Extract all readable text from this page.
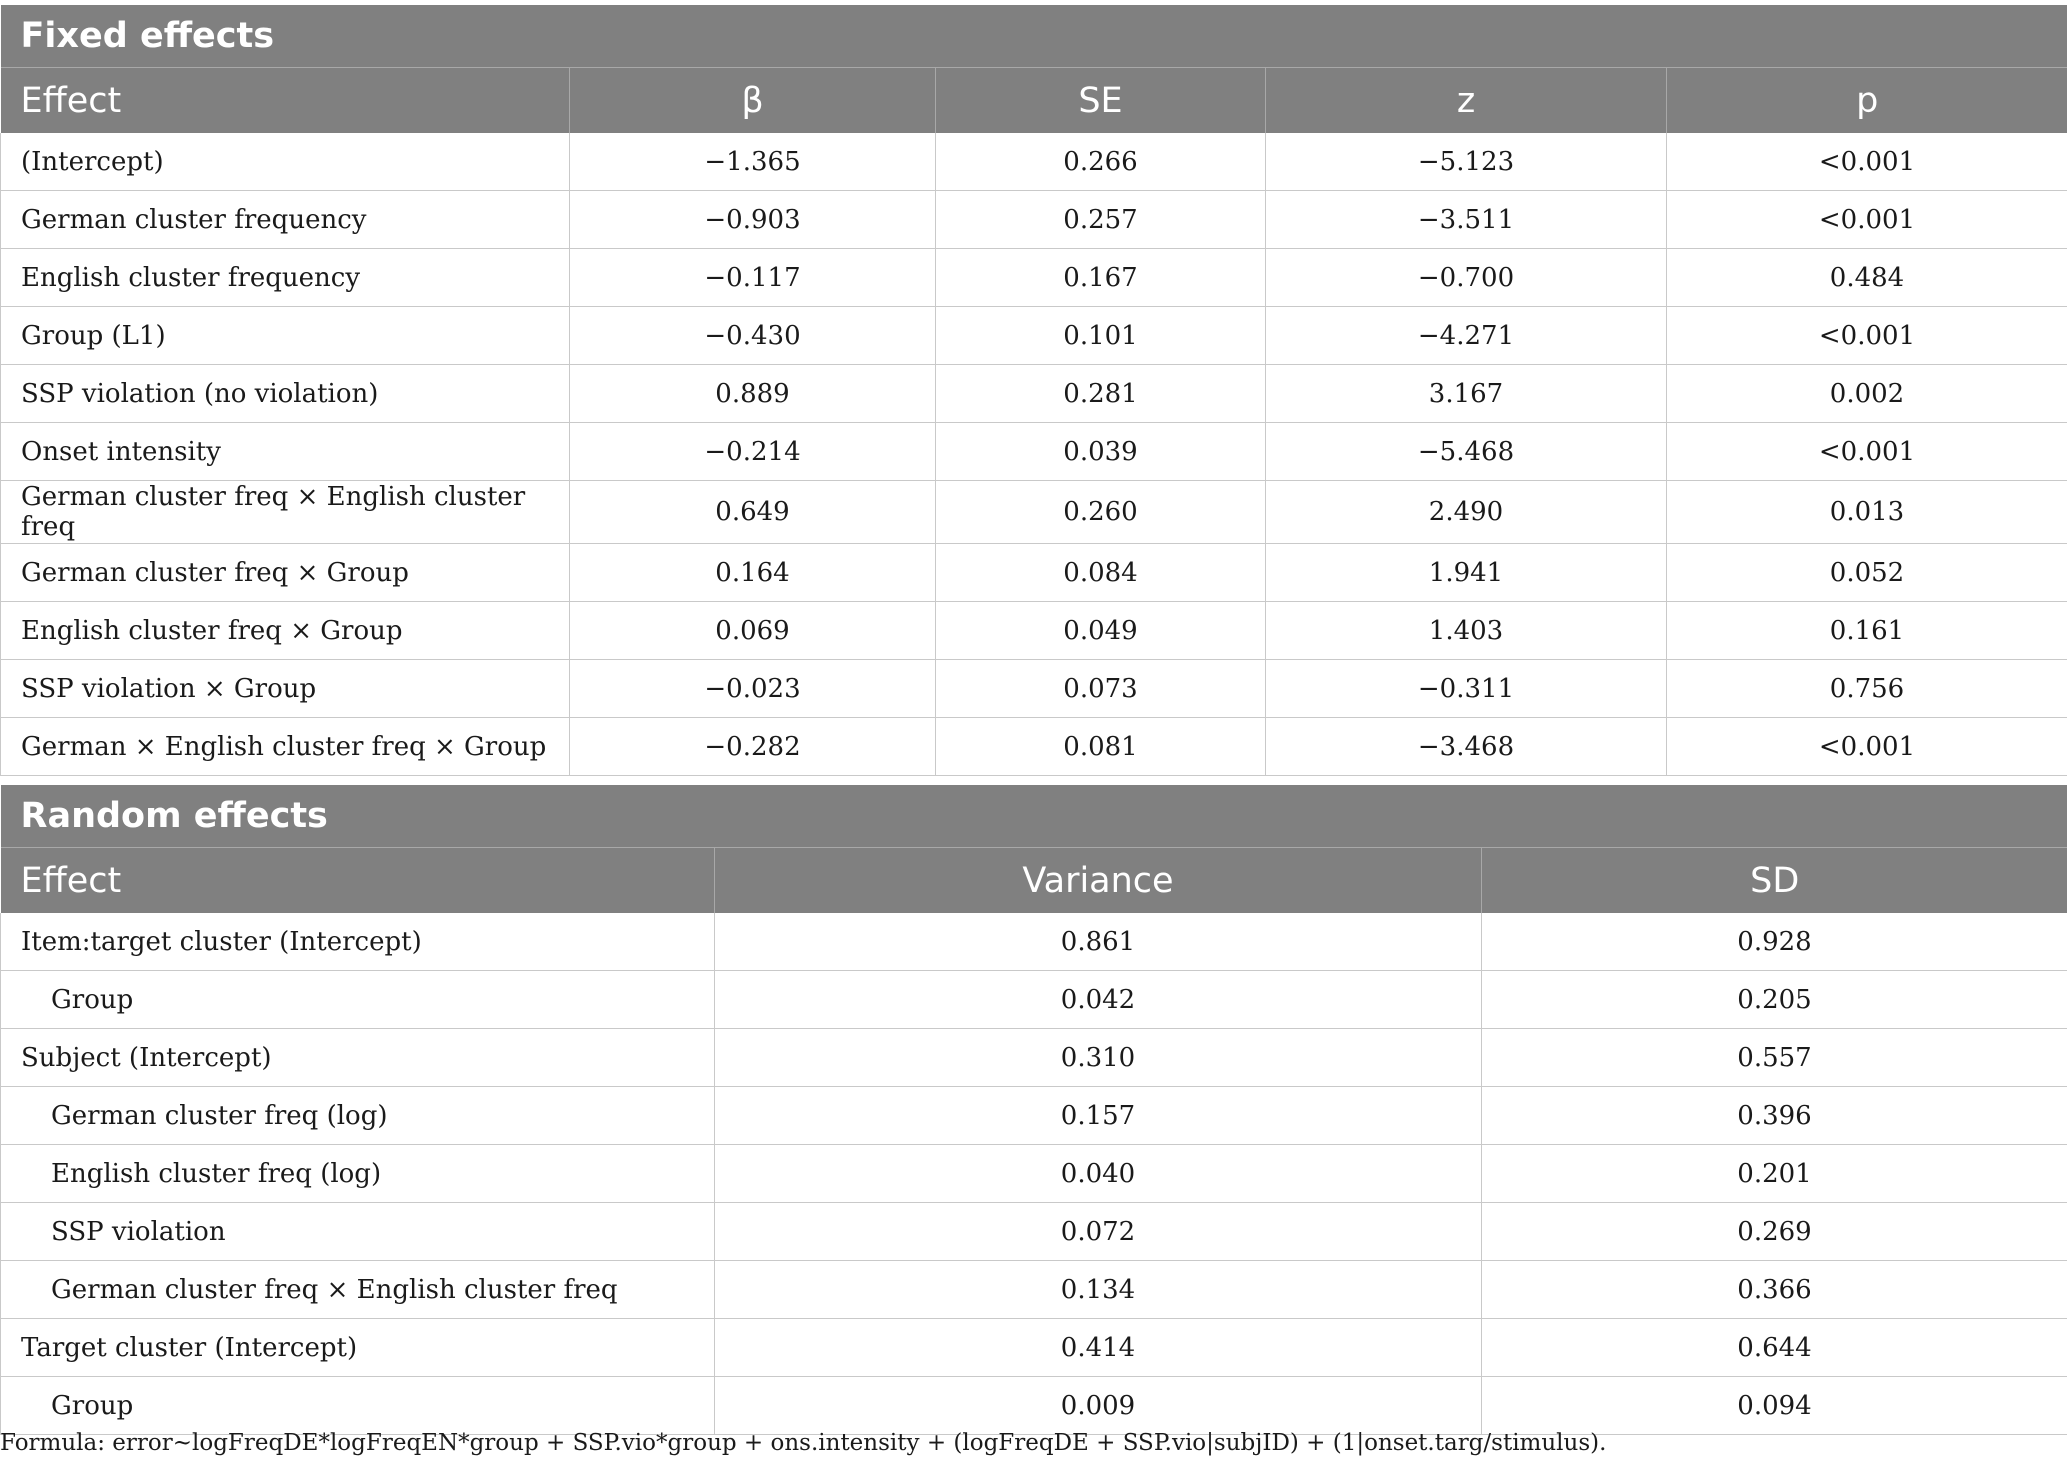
Fixed effects				
Effect	β	SE	z	p
(Intercept)	−1.365	0.266	−5.123	<0.001
German cluster frequency	−0.903	0.257	−3.511	<0.001
English cluster frequency	−0.117	0.167	−0.700	0.484
Group (L1)	−0.430	0.101	−4.271	<0.001
SSP violation (no violation)	0.889	0.281	3.167	0.002
Onset intensity	−0.214	0.039	−5.468	<0.001
German cluster freq × English cluster freq	0.649	0.260	2.490	0.013
German cluster freq × Group	0.164	0.084	1.941	0.052
English cluster freq × Group	0.069	0.049	1.403	0.161
SSP violation × Group	−0.023	0.073	−0.311	0.756
German × English cluster freq × Group	−0.282	0.081	−3.468	<0.001
Random effects		
Effect	Variance	SD
Item:target cluster (Intercept)	0.861	0.928
Group	0.042	0.205
Subject (Intercept)	0.310	0.557
German cluster freq (log)	0.157	0.396
English cluster freq (log)	0.040	0.201
SSP violation	0.072	0.269
German cluster freq × English cluster freq	0.134	0.366
Target cluster (Intercept)	0.414	0.644
Group	0.009	0.094
Formula: error~logFreqDE*logFreqEN*group + SSP.vio*group + ons.intensity + (logFreqDE + SSP.vio|subjID) + (1|onset.targ/stimulus).
